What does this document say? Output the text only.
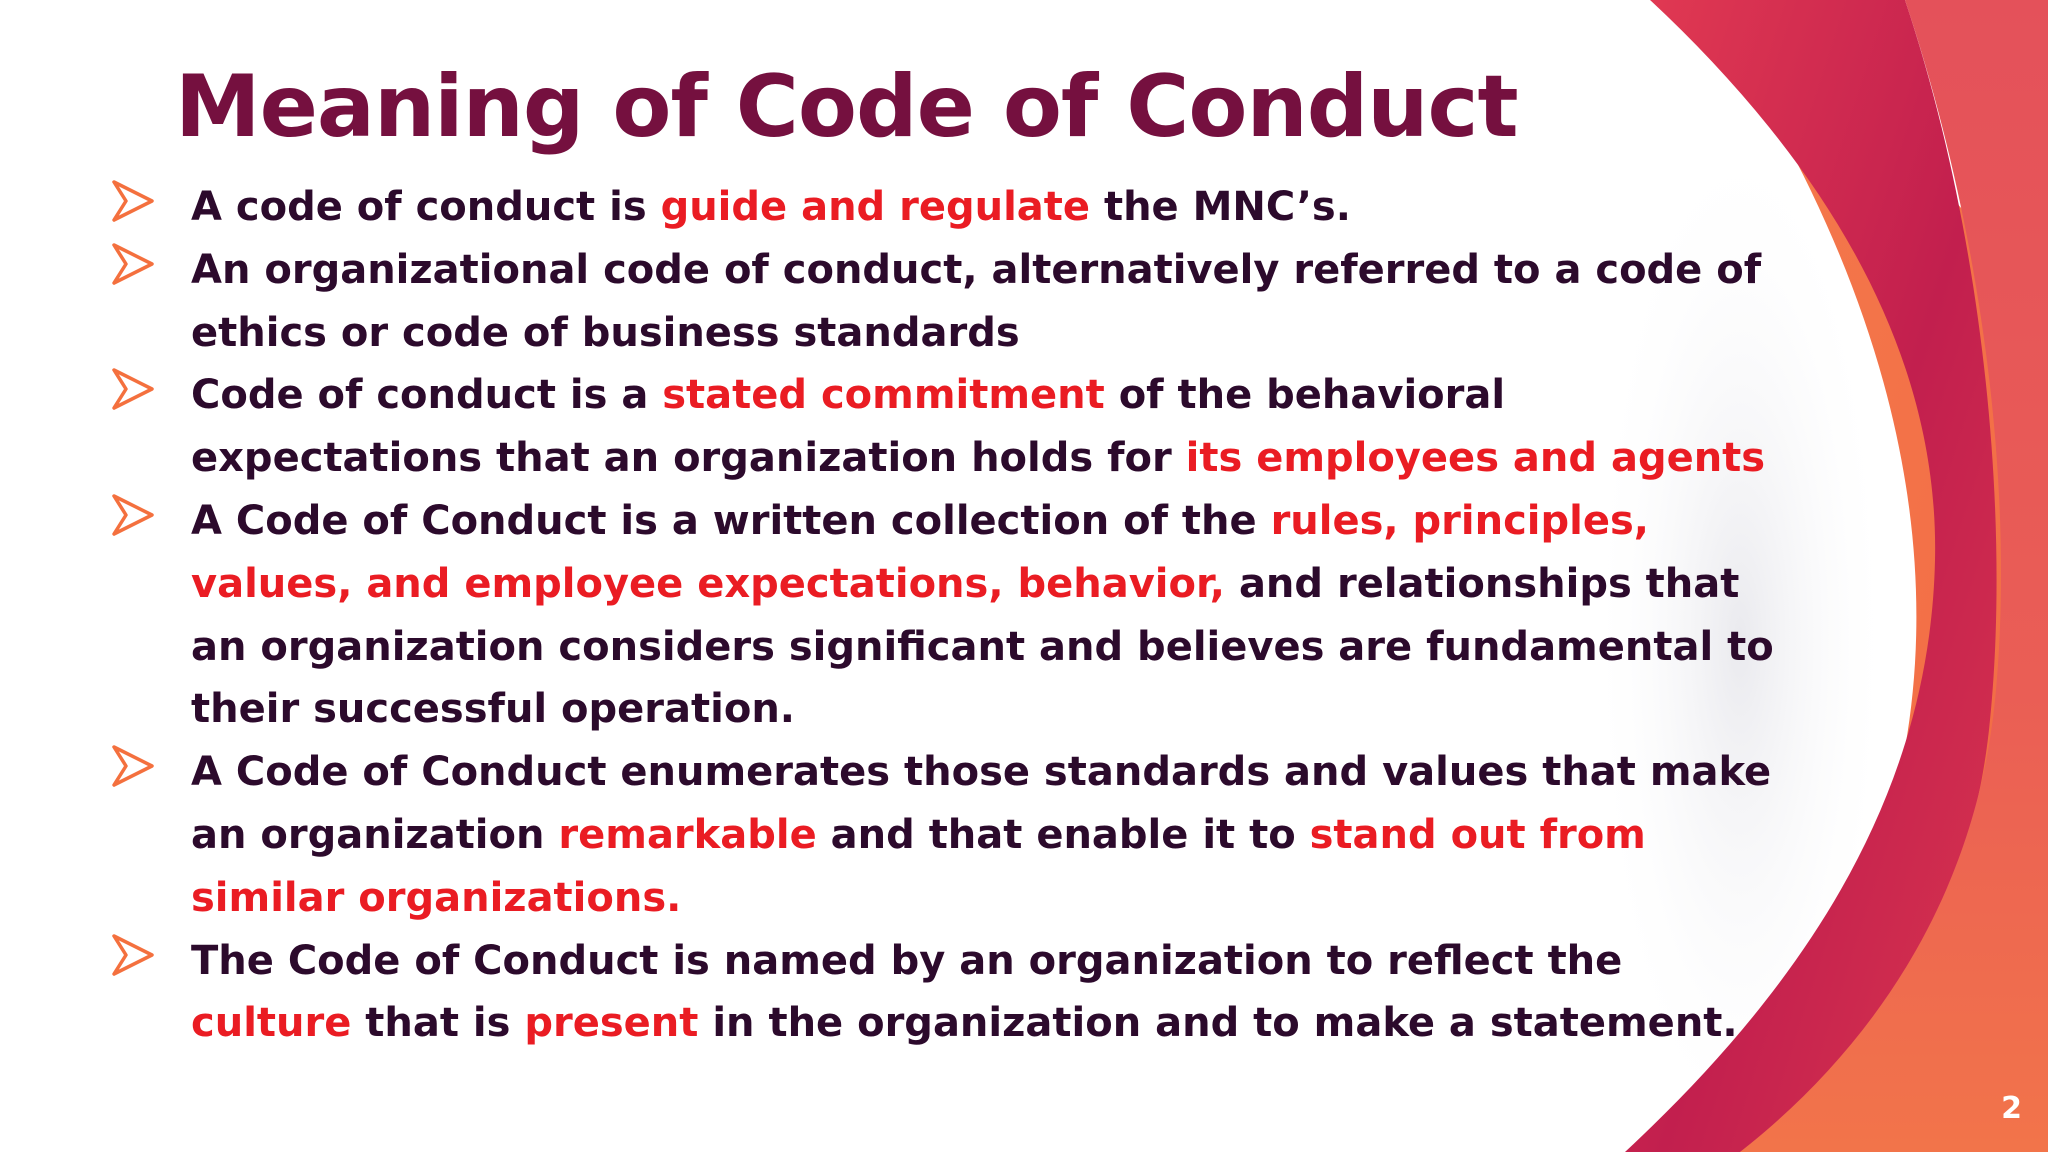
Meaning of Code of Conduct
A code of conduct is guide and regulate the MNC’s.
An organizational code of conduct, alternatively referred to a code of ethics or code of business standards
Code of conduct is a stated commitment of the behavioral expectations that an organization holds for its employees and agents
A Code of Conduct is a written collection of the rules, principles, values, and employee expectations, behavior, and relationships that an organization considers significant and believes are fundamental to their successful operation.
A Code of Conduct enumerates those standards and values that make an organization remarkable and that enable it to stand out from similar organizations.
The Code of Conduct is named by an organization to reflect the culture that is present in the organization and to make a statement.
2
